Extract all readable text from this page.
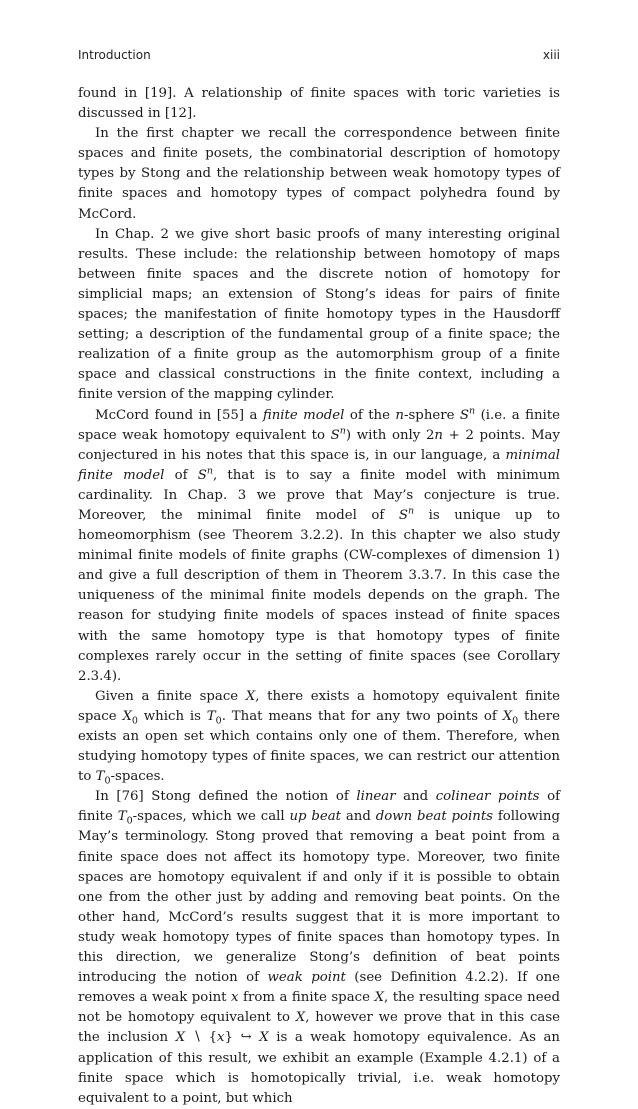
Introduction	xiii

found in [19]. A relationship of finite spaces with toric varieties is discussed in [12].

In the first chapter we recall the correspondence between finite spaces and finite posets, the combinatorial description of homotopy types by Stong and the relationship between weak homotopy types of finite spaces and homotopy types of compact polyhedra found by McCord.

In Chap. 2 we give short basic proofs of many interesting original results. These include: the relationship between homotopy of maps between finite spaces and the discrete notion of homotopy for simplicial maps; an extension of Stong’s ideas for pairs of finite spaces; the manifestation of finite homotopy types in the Hausdorff setting; a description of the fundamental group of a finite space; the realization of a finite group as the automorphism group of a finite space and classical constructions in the finite context, including a finite version of the mapping cylinder.

McCord found in [55] a finite model of the n-sphere $S^n$ (i.e. a finite space weak homotopy equivalent to $S^n$) with only 2n + 2 points. May conjectured in his notes that this space is, in our language, a minimal finite model of $S^n$, that is to say a finite model with minimum cardinality. In Chap. 3 we prove that May’s conjecture is true. Moreover, the minimal finite model of $S^n$ is unique up to homeomorphism (see Theorem 3.2.2). In this chapter we also study minimal finite models of finite graphs (CW-complexes of dimension 1) and give a full description of them in Theorem 3.3.7. In this case the uniqueness of the minimal finite models depends on the graph. The reason for studying finite models of spaces instead of finite spaces with the same homotopy type is that homotopy types of finite complexes rarely occur in the setting of finite spaces (see Corollary 2.3.4).

Given a finite space X, there exists a homotopy equivalent finite space $X_0$ which is $T_0$. That means that for any two points of $X_0$ there exists an open set which contains only one of them. Therefore, when studying homotopy types of finite spaces, we can restrict our attention to $T_0$-spaces.

In [76] Stong defined the notion of linear and colinear points of finite $T_0$-spaces, which we call up beat and down beat points following May’s terminology. Stong proved that removing a beat point from a finite space does not affect its homotopy type. Moreover, two finite spaces are homotopy equivalent if and only if it is possible to obtain one from the other just by adding and removing beat points. On the other hand, McCord’s results suggest that it is more important to study weak homotopy types of finite spaces than homotopy types. In this direction, we generalize Stong’s definition of beat points introducing the notion of weak point (see Definition 4.2.2). If one removes a weak point x from a finite space X, the resulting space need not be homotopy equivalent to X, however we prove that in this case the inclusion X ∖ {x} ↪ X is a weak homotopy equivalence. As an application of this result, we exhibit an example (Example 4.2.1) of a finite space which is homotopically trivial, i.e. weak homotopy equivalent to a point, but which
